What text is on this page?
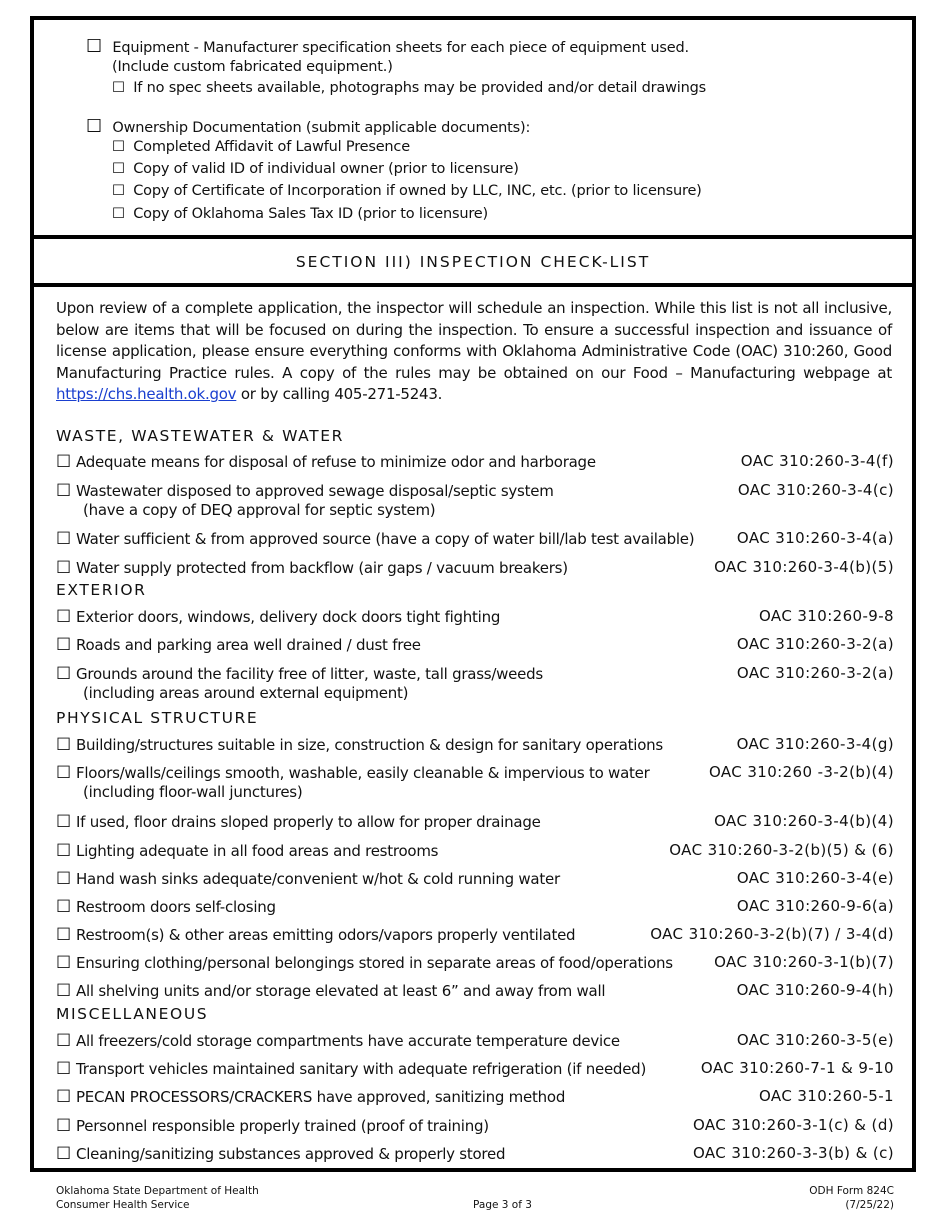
☐ Equipment - Manufacturer specification sheets for each piece of equipment used.
(Include custom fabricated equipment.)
☐ If no spec sheets available, photographs may be provided and/or detail drawings
☐ Ownership Documentation (submit applicable documents):
☐ Completed Affidavit of Lawful Presence
☐ Copy of valid ID of individual owner (prior to licensure)
☐ Copy of Certificate of Incorporation if owned by LLC, INC, etc. (prior to licensure)
☐ Copy of Oklahoma Sales Tax ID (prior to licensure)
SECTION III) INSPECTION CHECK-LIST
Upon review of a complete application, the inspector will schedule an inspection. While this list is not all inclusive, below are items that will be focused on during the inspection. To ensure a successful inspection and issuance of license application, please ensure everything conforms with Oklahoma Administrative Code (OAC) 310:260, Good Manufacturing Practice rules. A copy of the rules may be obtained on our Food – Manufacturing webpage at https://chs.health.ok.gov or by calling 405-271-5243.
WASTE, WASTEWATER & WATER
☐ Adequate means for disposal of refuse to minimize odor and harborage	OAC 310:260-3-4(f)
☐ Wastewater disposed to approved sewage disposal/septic system	OAC 310:260-3-4(c)
(have a copy of DEQ approval for septic system)
☐ Water sufficient & from approved source (have a copy of water bill/lab test available)	OAC 310:260-3-4(a)
☐ Water supply protected from backflow (air gaps / vacuum breakers)	OAC 310:260-3-4(b)(5)
EXTERIOR
☐ Exterior doors, windows, delivery dock doors tight fighting	OAC 310:260-9-8
☐ Roads and parking area well drained / dust free	OAC 310:260-3-2(a)
☐ Grounds around the facility free of litter, waste, tall grass/weeds	OAC 310:260-3-2(a)
(including areas around external equipment)
PHYSICAL STRUCTURE
☐ Building/structures suitable in size, construction & design for sanitary operations	OAC 310:260-3-4(g)
☐ Floors/walls/ceilings smooth, washable, easily cleanable & impervious to water	OAC 310:260 -3-2(b)(4)
(including floor-wall junctures)
☐ If used, floor drains sloped properly to allow for proper drainage	OAC 310:260-3-4(b)(4)
☐ Lighting adequate in all food areas and restrooms	OAC 310:260-3-2(b)(5) & (6)
☐ Hand wash sinks adequate/convenient w/hot & cold running water	OAC 310:260-3-4(e)
☐ Restroom doors self-closing	OAC 310:260-9-6(a)
☐ Restroom(s) & other areas emitting odors/vapors properly ventilated	OAC 310:260-3-2(b)(7) / 3-4(d)
☐ Ensuring clothing/personal belongings stored in separate areas of food/operations	OAC 310:260-3-1(b)(7)
☐ All shelving units and/or storage elevated at least 6” and away from wall	OAC 310:260-9-4(h)
MISCELLANEOUS
☐ All freezers/cold storage compartments have accurate temperature device	OAC 310:260-3-5(e)
☐ Transport vehicles maintained sanitary with adequate refrigeration (if needed)	OAC 310:260-7-1 & 9-10
☐ PECAN PROCESSORS/CRACKERS have approved, sanitizing method	OAC 310:260-5-1
☐ Personnel responsible properly trained (proof of training)	OAC 310:260-3-1(c) & (d)
☐ Cleaning/sanitizing substances approved & properly stored	OAC 310:260-3-3(b) & (c)
Oklahoma State Department of Health
Consumer Health Service	Page 3 of 3
ODH Form 824C
(7/25/22)
